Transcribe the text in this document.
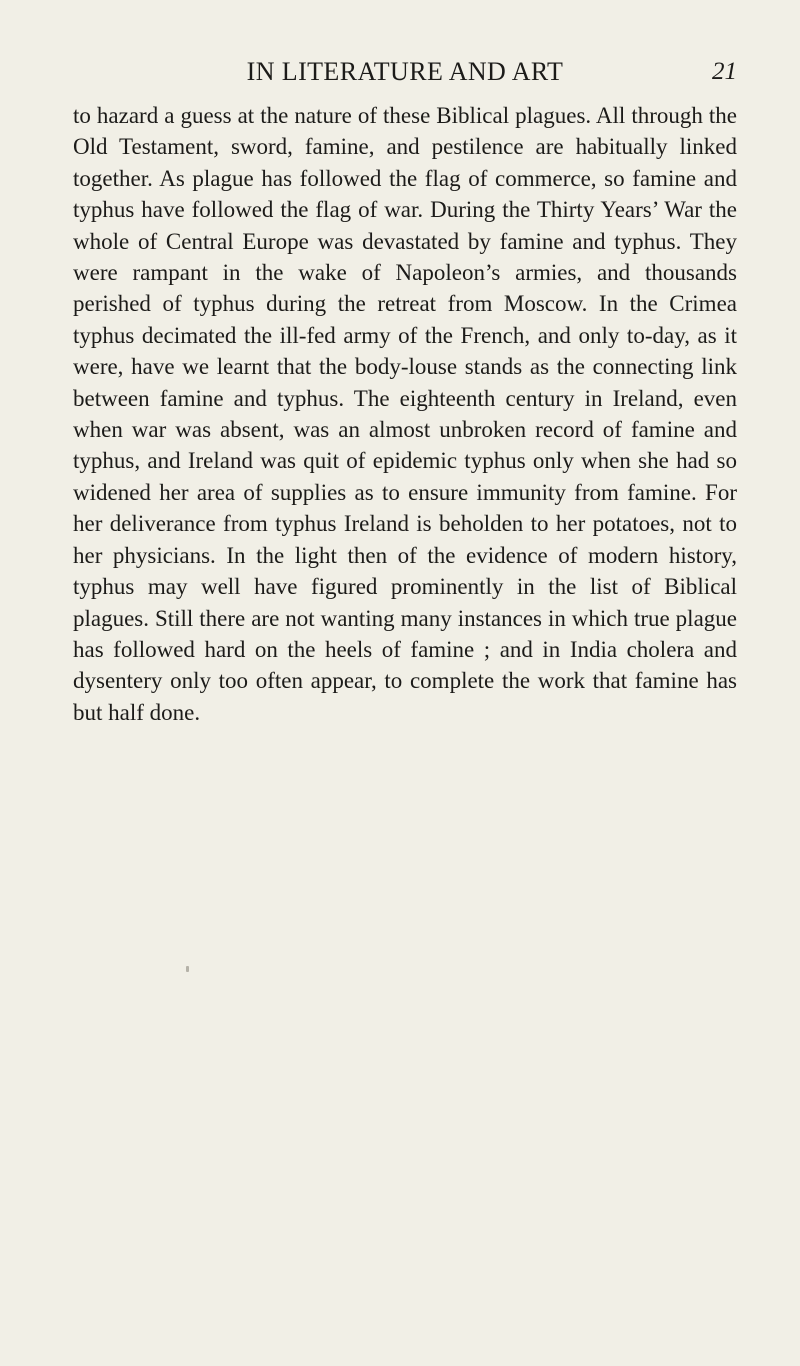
IN LITERATURE AND ART	21

to hazard a guess at the nature of these Biblical plagues. All through the Old Testament, sword, famine, and pestilence are habitually linked together. As plague has followed the flag of commerce, so famine and typhus have followed the flag of war. During the Thirty Years’ War the whole of Central Europe was devastated by famine and typhus. They were rampant in the wake of Napoleon’s armies, and thousands perished of typhus during the retreat from Moscow. In the Crimea typhus decimated the ill-fed army of the French, and only to-day, as it were, have we learnt that the body-louse stands as the connecting link between famine and typhus. The eighteenth century in Ireland, even when war was absent, was an almost unbroken record of famine and typhus, and Ireland was quit of epidemic typhus only when she had so widened her area of supplies as to ensure immunity from famine. For her deliverance from typhus Ireland is beholden to her potatoes, not to her physicians. In the light then of the evidence of modern history, typhus may well have figured prominently in the list of Biblical plagues. Still there are not wanting many instances in which true plague has followed hard on the heels of famine ; and in India cholera and dysentery only too often appear, to complete the work that famine has but half done.
